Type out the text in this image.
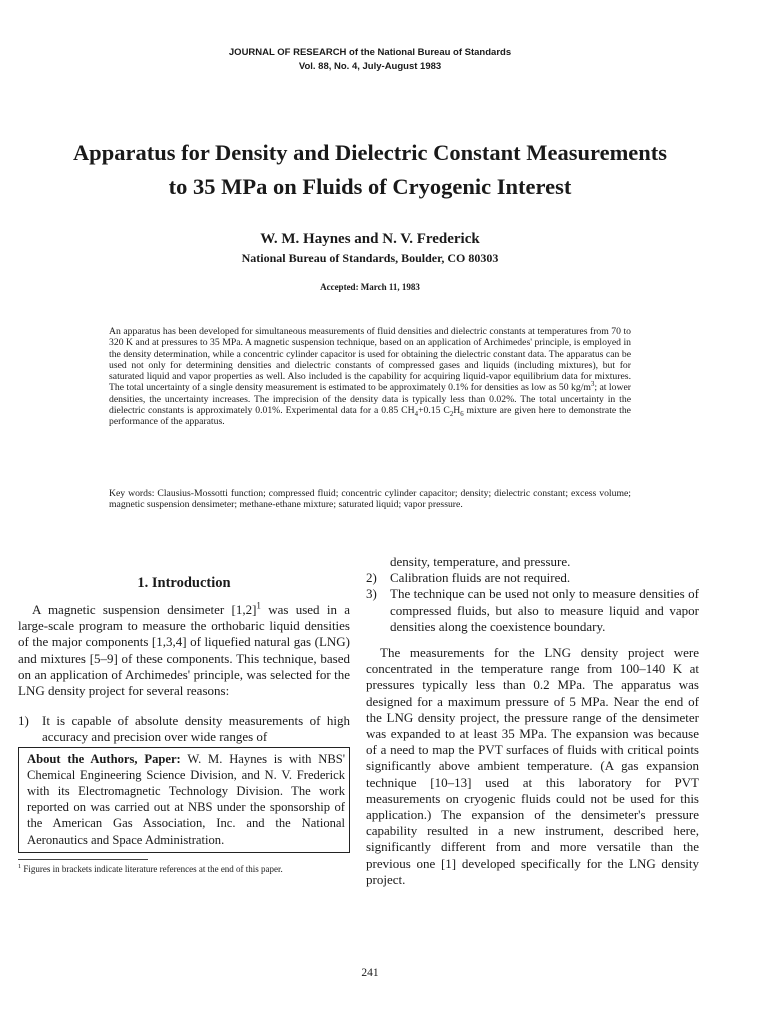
JOURNAL OF RESEARCH of the National Bureau of Standards
Vol. 88, No. 4, July-August 1983
Apparatus for Density and Dielectric Constant Measurements
to 35 MPa on Fluids of Cryogenic Interest
W. M. Haynes and N. V. Frederick
National Bureau of Standards, Boulder, CO 80303
Accepted: March 11, 1983
An apparatus has been developed for simultaneous measurements of fluid densities and dielectric constants at temperatures from 70 to 320 K and at pressures to 35 MPa. A magnetic suspension technique, based on an application of Archimedes' principle, is employed in the density determination, while a concentric cylinder capacitor is used for obtaining the dielectric constant data. The apparatus can be used not only for determining densities and dielectric constants of compressed gases and liquids (including mixtures), but for saturated liquid and vapor properties as well. Also included is the capability for acquiring liquid-vapor equilibrium data for mixtures. The total uncertainty of a single density measurement is estimated to be approximately 0.1% for densities as low as 50 $kg/m^3$; at lower densities, the uncertainty increases. The imprecision of the density data is typically less than 0.02%. The total uncertainty in the dielectric constants is approximately 0.01%. Experimental data for a 0.85 $CH_4+0.15$ $C_2H_6$ mixture are given here to demonstrate the performance of the apparatus.
Key words: Clausius-Mossotti function; compressed fluid; concentric cylinder capacitor; density; dielectric constant; excess volume; magnetic suspension densimeter; methane-ethane mixture; saturated liquid; vapor pressure.
1. Introduction
A magnetic suspension densimeter $[1,2]^1$ was used in a large-scale program to measure the orthobaric liquid densities of the major components [1,3,4] of liquefied natural gas (LNG) and mixtures [5–9] of these components. This technique, based on an application of Archimedes' principle, was selected for the LNG density project for several reasons:
1)	It is capable of absolute density measurements of high accuracy and precision over wide ranges of
About the Authors, Paper: W. M. Haynes is with NBS' Chemical Engineering Science Division, and N. V. Frederick with its Electromagnetic Technology Division. The work reported on was carried out at NBS under the sponsorship of the American Gas Association, Inc. and the National Aeronautics and Space Administration.
$^1$ Figures in brackets indicate literature references at the end of this paper.
density, temperature, and pressure.
2)	Calibration fluids are not required.
3)	The technique can be used not only to measure densities of compressed fluids, but also to measure liquid and vapor densities along the coexistence boundary.
The measurements for the LNG density project were concentrated in the temperature range from 100–140 K at pressures typically less than 0.2 MPa. The apparatus was designed for a maximum pressure of 5 MPa. Near the end of the LNG density project, the pressure range of the densimeter was expanded to at least 35 MPa. The expansion was because of a need to map the PVT surfaces of fluids with critical points significantly above ambient temperature. (A gas expansion technique [10–13] used at this laboratory for PVT measurements on cryogenic fluids could not be used for this application.) The expansion of the densimeter's pressure capability resulted in a new instrument, described here, significantly different from and more versatile than the previous one [1] developed specifically for the LNG density project.
241
